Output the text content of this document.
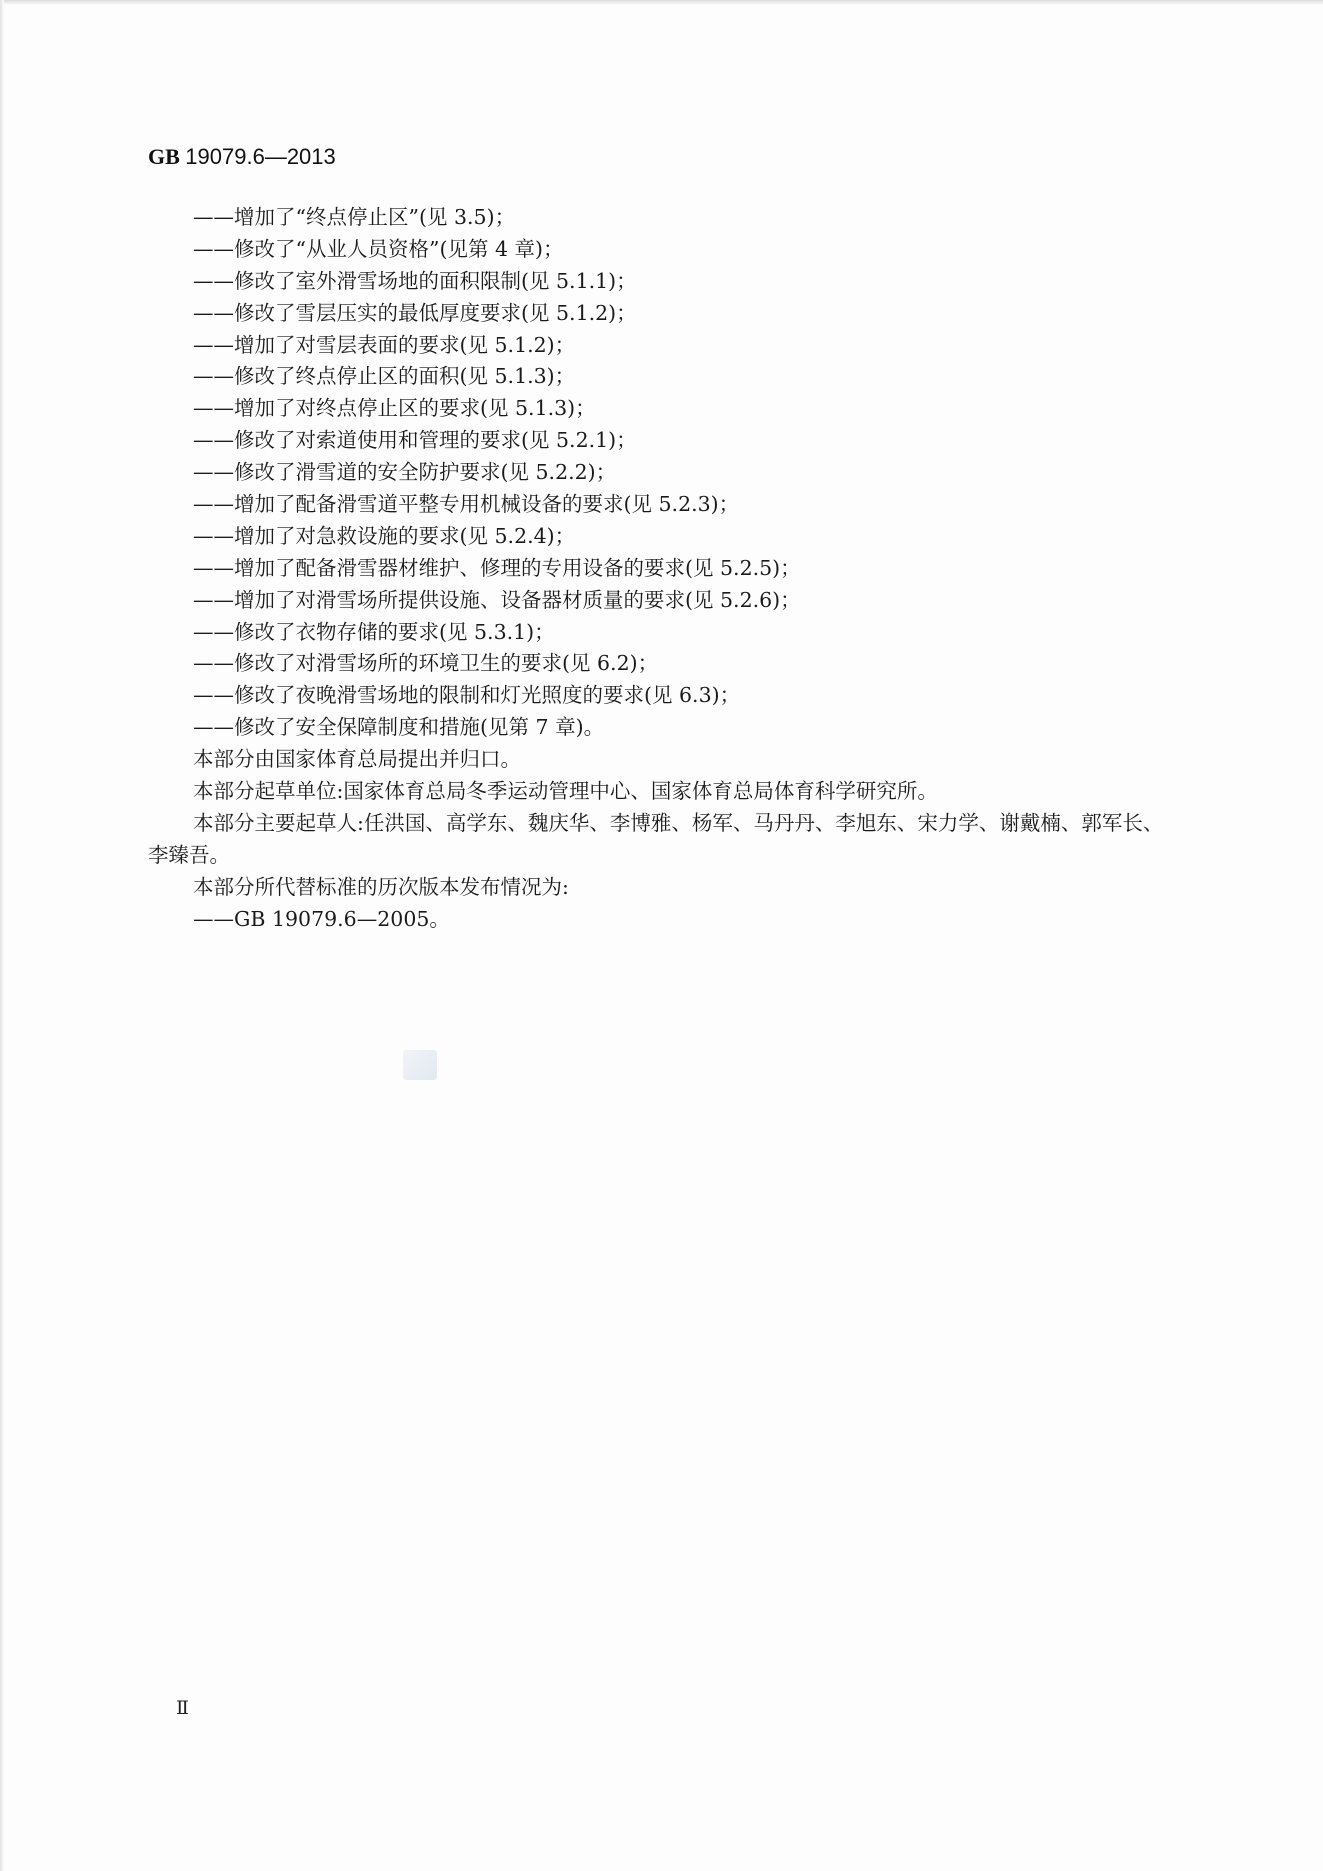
GB 19079.6—2013
——增加了“终点停止区”(见 3.5)；
——修改了“从业人员资格”(见第 4 章)；
——修改了室外滑雪场地的面积限制(见 5.1.1)；
——修改了雪层压实的最低厚度要求(见 5.1.2)；
——增加了对雪层表面的要求(见 5.1.2)；
——修改了终点停止区的面积(见 5.1.3)；
——增加了对终点停止区的要求(见 5.1.3)；
——修改了对索道使用和管理的要求(见 5.2.1)；
——修改了滑雪道的安全防护要求(见 5.2.2)；
——增加了配备滑雪道平整专用机械设备的要求(见 5.2.3)；
——增加了对急救设施的要求(见 5.2.4)；
——增加了配备滑雪器材维护、修理的专用设备的要求(见 5.2.5)；
——增加了对滑雪场所提供设施、设备器材质量的要求(见 5.2.6)；
——修改了衣物存储的要求(见 5.3.1)；
——修改了对滑雪场所的环境卫生的要求(见 6.2)；
——修改了夜晚滑雪场地的限制和灯光照度的要求(见 6.3)；
——修改了安全保障制度和措施(见第 7 章)。
本部分由国家体育总局提出并归口。
本部分起草单位:国家体育总局冬季运动管理中心、国家体育总局体育科学研究所。
本部分主要起草人:任洪国、高学东、魏庆华、李博雅、杨军、马丹丹、李旭东、宋力学、谢戴楠、郭军长、
李臻吾。
本部分所代替标准的历次版本发布情况为:
——GB 19079.6—2005。
Ⅱ
